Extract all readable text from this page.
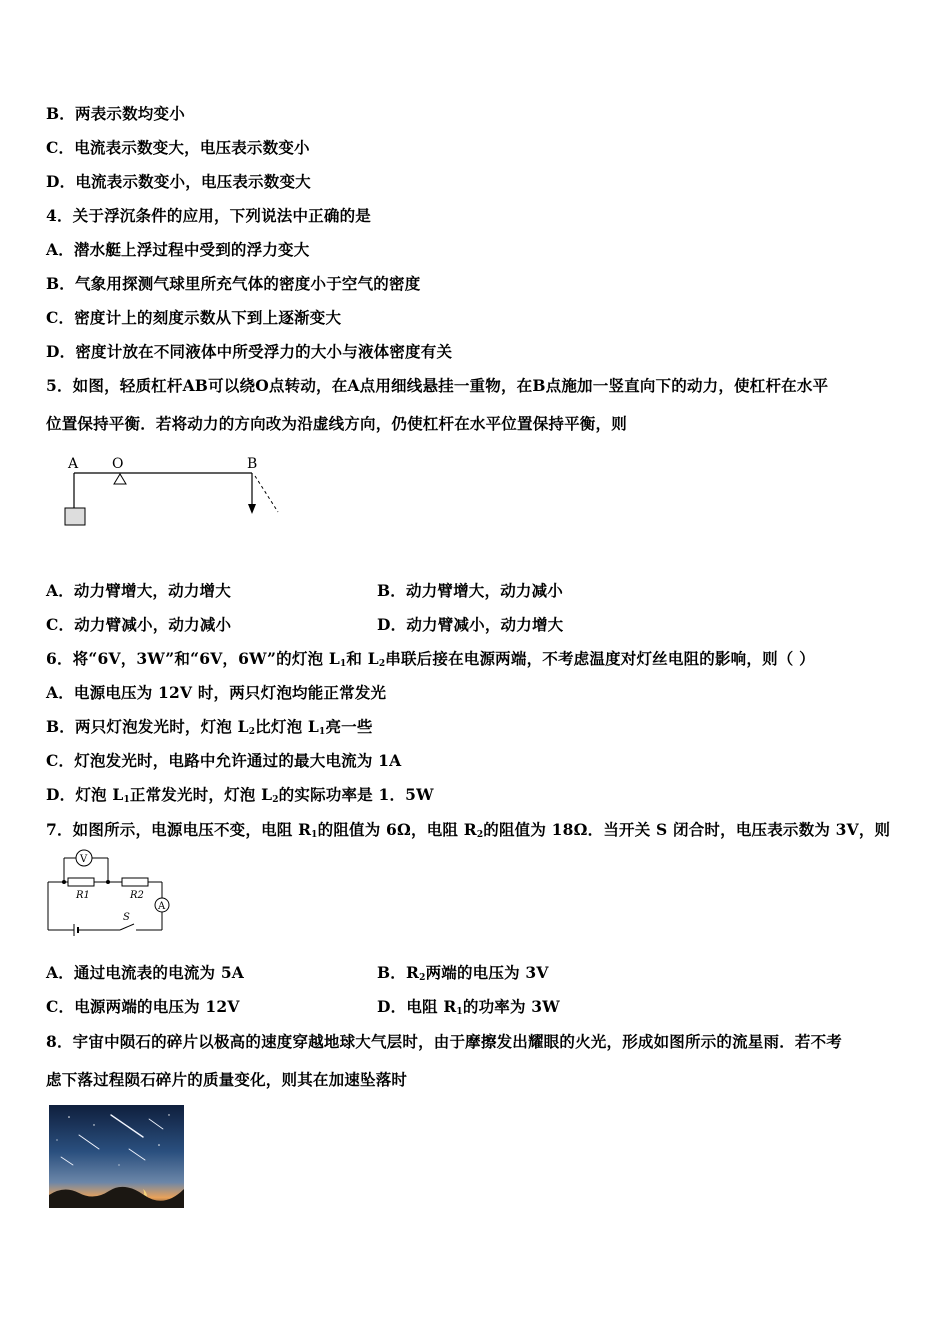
B．两表示数均变小
C．电流表示数变大，电压表示数变小
D．电流表示数变小，电压表示数变大
4．关于浮沉条件的应用，下列说法中正确的是
A．潜水艇上浮过程中受到的浮力变大
B．气象用探测气球里所充气体的密度小于空气的密度
C．密度计上的刻度示数从下到上逐渐变大
D．密度计放在不同液体中所受浮力的大小与液体密度有关
5．如图，轻质杠杆AB可以绕O点转动，在A点用细线悬挂一重物，在B点施加一竖直向下的动力，使杠杆在水平
位置保持平衡．若将动力的方向改为沿虚线方向，仍使杠杆在水平位置保持平衡，则
A O	B
A．动力臂增大，动力增大	B．动力臂增大，动力减小
C．动力臂减小，动力减小	D．动力臂减小，动力增大
6．将“6V，3W”和“6V，6W”的灯泡 $L_1$和 $L_2$串联后接在电源两端，不考虑温度对灯丝电阻的影响，则（ ）
A．电源电压为 12V 时，两只灯泡均能正常发光
B．两只灯泡发光时，灯泡 $L_2$比灯泡 $L_1$亮一些
C．灯泡发光时，电路中允许通过的最大电流为 1A
D．灯泡 $L_1$正常发光时，灯泡 $L_2$的实际功率是 1．5W
7．如图所示，电源电压不变，电阻 $R_1$的阻值为 6Ω，电阻 $R_2$的阻值为 18Ω．当开关 S 闭合时，电压表示数为 3V，则
V
R1	R2
A
S
A．通过电流表的电流为 5A	B．$R_2$两端的电压为 3V
C．电源两端的电压为 12V	D．电阻 $R_1$的功率为 3W
8．宇宙中陨石的碎片以极高的速度穿越地球大气层时，由于摩擦发出耀眼的火光，形成如图所示的流星雨．若不考
虑下落过程陨石碎片的质量变化，则其在加速坠落时
